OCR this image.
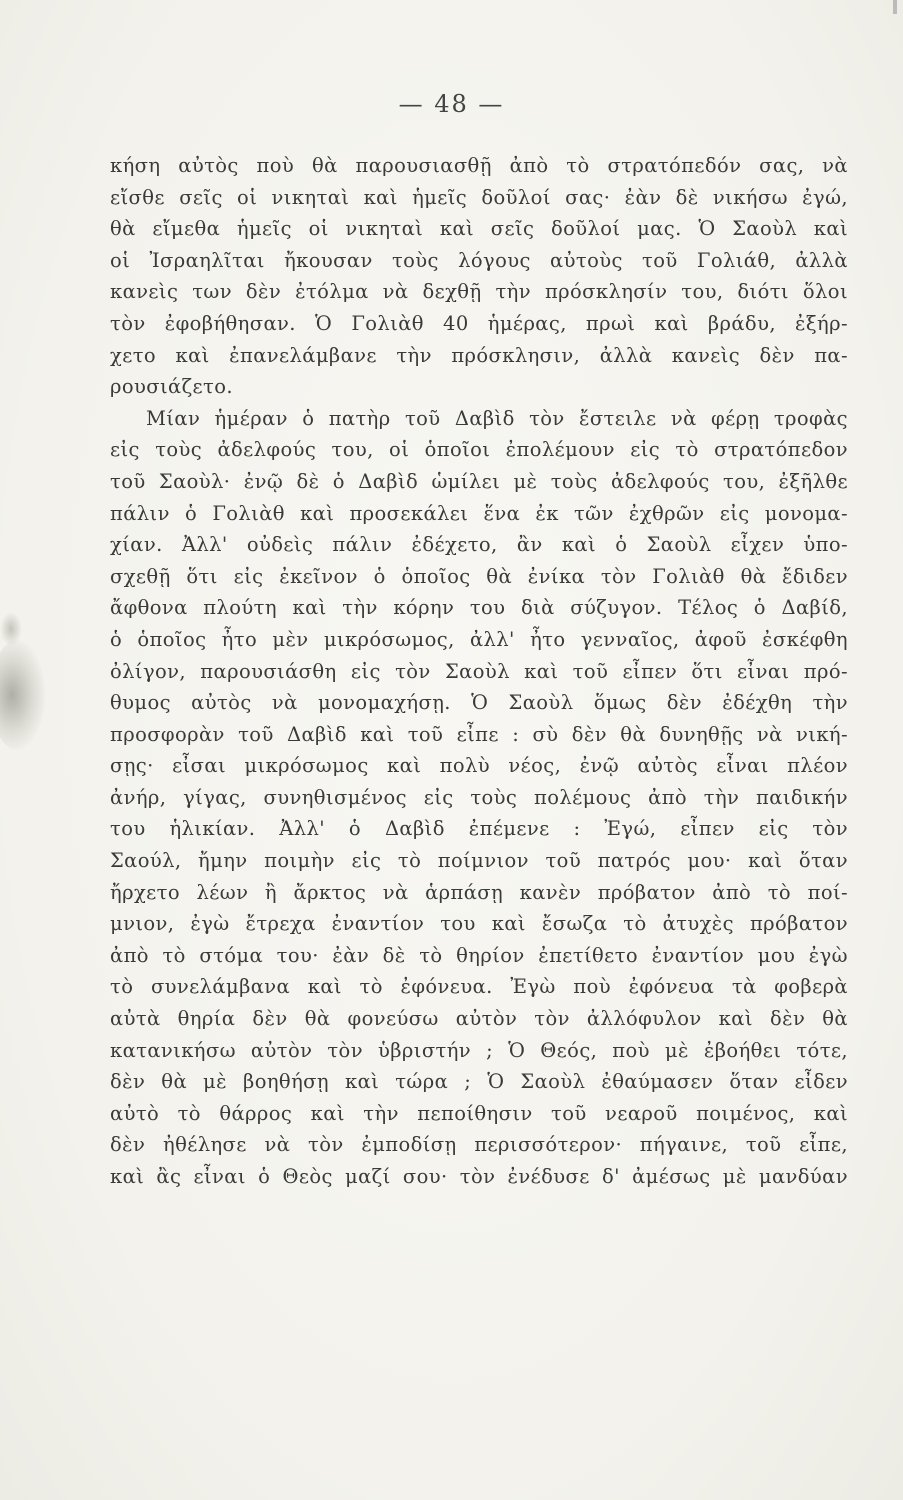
— 48 —
κήση αὐτὸς ποὺ θὰ παρουσιασθῇ ἀπὸ τὸ στρατόπεδόν σας, νὰ
εἴσθε σεῖς οἱ νικηταὶ καὶ ἡμεῖς δοῦλοί σας· ἐὰν δὲ νικήσω ἐγώ,
θὰ εἴμεθα ἡμεῖς οἱ νικηταὶ καὶ σεῖς δοῦλοί μας. Ὁ Σαοὺλ καὶ
οἱ Ἰσραηλῖται ἤκουσαν τοὺς λόγους αὐτοὺς τοῦ Γολιάθ, ἀλλὰ
κανεὶς των δὲν ἐτόλμα νὰ δεχθῇ τὴν πρόσκλησίν του, διότι ὅλοι
τὸν ἐφοβήθησαν. Ὁ Γολιὰθ 40 ἡμέρας, πρωὶ καὶ βράδυ, ἐξήρ-
χετο καὶ ἐπανελάμβανε τὴν πρόσκλησιν, ἀλλὰ κανεὶς δὲν πα-
ρουσιάζετο.
Μίαν ἡμέραν ὁ πατὴρ τοῦ Δαβὶδ τὸν ἔστειλε νὰ φέρῃ τροφὰς
εἰς τοὺς ἀδελφούς του, οἱ ὁποῖοι ἐπολέμουν εἰς τὸ στρατόπεδον
τοῦ Σαοὺλ· ἐνῷ δὲ ὁ Δαβὶδ ὡμίλει μὲ τοὺς ἀδελφούς του, ἐξῆλθε
πάλιν ὁ Γολιὰθ καὶ προσεκάλει ἕνα ἐκ τῶν ἐχθρῶν εἰς μονομα-
χίαν. Ἀλλ' οὐδεὶς πάλιν ἐδέχετο, ἂν καὶ ὁ Σαοὺλ εἶχεν ὑπο-
σχεθῇ ὅτι εἰς ἐκεῖνον ὁ ὁποῖος θὰ ἐνίκα τὸν Γολιὰθ θὰ ἔδιδεν
ἄφθονα πλούτη καὶ τὴν κόρην του διὰ σύζυγον. Τέλος ὁ Δαβίδ,
ὁ ὁποῖος ἦτο μὲν μικρόσωμος, ἀλλ' ἦτο γενναῖος, ἀφοῦ ἐσκέφθη
ὀλίγον, παρουσιάσθη εἰς τὸν Σαοὺλ καὶ τοῦ εἶπεν ὅτι εἶναι πρό-
θυμος αὐτὸς νὰ μονομαχήσῃ. Ὁ Σαοὺλ ὅμως δὲν ἐδέχθη τὴν
προσφορὰν τοῦ Δαβὶδ καὶ τοῦ εἶπε : σὺ δὲν θὰ δυνηθῇς νὰ νική-
σῃς· εἶσαι μικρόσωμος καὶ πολὺ νέος, ἐνῷ αὐτὸς εἶναι πλέον
ἀνήρ, γίγας, συνηθισμένος εἰς τοὺς πολέμους ἀπὸ τὴν παιδικήν
του ἡλικίαν. Ἀλλ' ὁ Δαβὶδ ἐπέμενε : Ἐγώ, εἶπεν εἰς τὸν
Σαούλ, ἤμην ποιμὴν εἰς τὸ ποίμνιον τοῦ πατρός μου· καὶ ὅταν
ἤρχετο λέων ἢ ἄρκτος νὰ ἁρπάσῃ κανὲν πρόβατον ἀπὸ τὸ ποί-
μνιον, ἐγὼ ἔτρεχα ἐναντίον του καὶ ἔσωζα τὸ ἀτυχὲς πρόβατον
ἀπὸ τὸ στόμα του· ἐὰν δὲ τὸ θηρίον ἐπετίθετο ἐναντίον μου ἐγὼ
τὸ συνελάμβανα καὶ τὸ ἐφόνευα. Ἐγὼ ποὺ ἐφόνευα τὰ φοβερὰ
αὐτὰ θηρία δὲν θὰ φονεύσω αὐτὸν τὸν ἀλλόφυλον καὶ δὲν θὰ
κατανικήσω αὐτὸν τὸν ὑβριστήν ; Ὁ Θεός, ποὺ μὲ ἐβοήθει τότε,
δὲν θὰ μὲ βοηθήσῃ καὶ τώρα ; Ὁ Σαοὺλ ἐθαύμασεν ὅταν εἶδεν
αὐτὸ τὸ θάρρος καὶ τὴν πεποίθησιν τοῦ νεαροῦ ποιμένος, καὶ
δὲν ἠθέλησε νὰ τὸν ἐμποδίσῃ περισσότερον· πήγαινε, τοῦ εἶπε,
καὶ ἂς εἶναι ὁ Θεὸς μαζί σου· τὸν ἐνέδυσε δ' ἀμέσως μὲ μανδύαν
